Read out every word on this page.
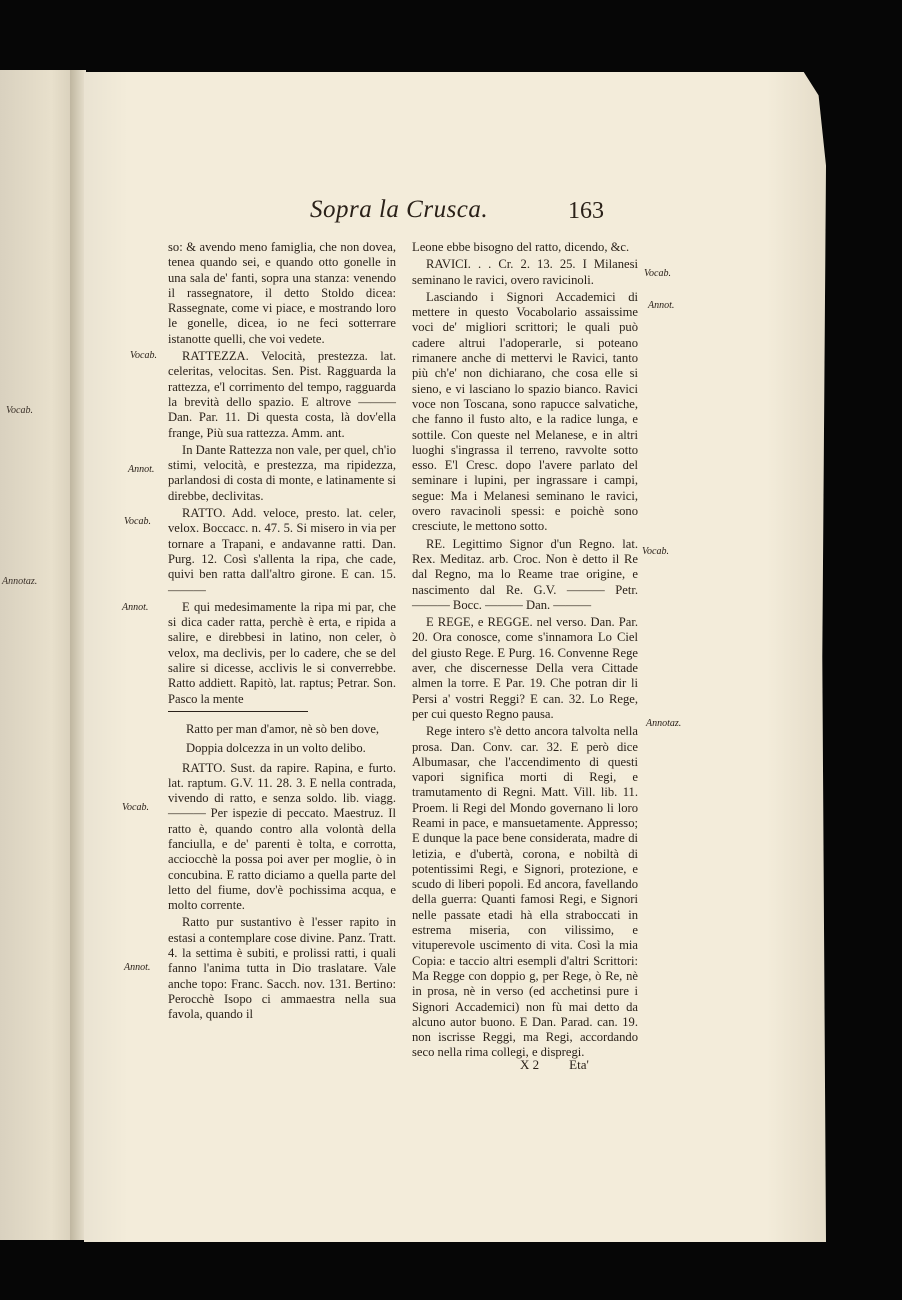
Vocab.
Annotaz.
Sopra la Crusca.	163

so: & avendo meno famiglia, che non dovea, tenea quando sei, e quando otto gonelle in una sala de' fanti, sopra una stanza: venendo il rassegnatore, il detto Stoldo dicea: Rassegnate, come vi piace, e mostrando loro le gonelle, dicea, io ne feci sotterrare istanotte quelli, che voi vedete.

RATTEZZA. Velocità, prestezza. lat. celeritas, velocitas. Sen. Pist. Ragguarda la rattezza, e'l corrimento del tempo, ragguarda la brevità dello spazio. E altrove ——— Dan. Par. 11. Di questa costa, là dov'ella frange, Più sua rattezza. Amm. ant.

In Dante Rattezza non vale, per quel, ch'io stimi, velocità, e prestezza, ma ripidezza, parlandosi di costa di monte, e latinamente si direbbe, declivitas.

RATTO. Add. veloce, presto. lat. celer, velox. Boccacc. n. 47. 5. Si misero in via per tornare a Trapani, e andavanne ratti. Dan. Purg. 12. Così s'allenta la ripa, che cade, quivi ben ratta dall'altro girone. E can. 15. ———

E qui medesimamente la ripa mi par, che si dica cader ratta, perchè è erta, e ripida a salire, e direbbesi in latino, non celer, ò velox, ma declivis, per lo cadere, che se del salire si dicesse, acclivis le si converrebbe. Ratto addiett. Rapitò, lat. raptus; Petrar. Son. Pasco la mente

Ratto per man d'amor, nè sò ben dove,

Doppia dolcezza in un volto delibo.

RATTO. Sust. da rapire. Rapina, e furto. lat. raptum. G.V. 11. 28. 3. E nella contrada, vivendo di ratto, e senza soldo. lib. viagg. ——— Per ispezie di peccato. Maestruz. Il ratto è, quando contro alla volontà della fanciulla, e de' parenti è tolta, e corrotta, acciocchè la possa poi aver per moglie, ò in concubina. E ratto diciamo a quella parte del letto del fiume, dov'è pochissima acqua, e molto corrente.

Ratto pur sustantivo è l'esser rapito in estasi a contemplare cose divine. Panz. Tratt. 4. la settima è subiti, e prolissi ratti, i quali fanno l'anima tutta in Dio traslatare. Vale anche topo: Franc. Sacch. nov. 131. Bertino: Perocchè Isopo ci ammaestra nella sua favola, quando il

Leone ebbe bisogno del ratto, dicendo, &c.

RAVICI. . . Cr. 2. 13. 25. I Milanesi seminano le ravici, overo ravicinoli.

Lasciando i Signori Accademici di mettere in questo Vocabolario assaissime voci de' migliori scrittori; le quali può cadere altrui l'adoperarle, si poteano rimanere anche di mettervi le Ravici, tanto più ch'e' non dichiarano, che cosa elle si sieno, e vi lasciano lo spazio bianco. Ravici voce non Toscana, sono rapucce salvatiche, che fanno il fusto alto, e la radice lunga, e sottile. Con queste nel Melanese, e in altri luoghi s'ingrassa il terreno, ravvolte sotto esso. E'l Cresc. dopo l'avere parlato del seminare i lupini, per ingrassare i campi, segue: Ma i Melanesi seminano le ravici, overo ravacinoli spessi: e poichè sono cresciute, le mettono sotto.

RE. Legittimo Signor d'un Regno. lat. Rex. Meditaz. arb. Croc. Non è detto il Re dal Regno, ma lo Reame trae origine, e nascimento dal Re. G.V. ——— Petr. ——— Bocc. ——— Dan. ———

E REGE, e REGGE. nel verso. Dan. Par. 20. Ora conosce, come s'innamora Lo Ciel del giusto Rege. E Purg. 16. Convenne Rege aver, che discernesse Della vera Cittade almen la torre. E Par. 19. Che potran dir li Persi a' vostri Reggi? E can. 32. Lo Rege, per cui questo Regno pausa.

Rege intero s'è detto ancora talvolta nella prosa. Dan. Conv. car. 32. E però dice Albumasar, che l'accendimento di questi vapori significa morti di Regi, e tramutamento di Regni. Matt. Vill. lib. 11. Proem. li Regi del Mondo governano li loro Reami in pace, e mansuetamente. Appresso; E dunque la pace bene considerata, madre di letizia, e d'ubertà, corona, e nobiltà di potentissimi Regi, e Signori, protezione, e scudo di liberi popoli. Ed ancora, favellando della guerra: Quanti famosi Regi, e Signori nelle passate etadi hà ella straboccati in estrema miseria, con vilissimo, e vituperevole uscimento di vita. Così la mia Copia: e taccio altri esempli d'altri Scrittori: Ma Regge con doppio g, per Rege, ò Re, nè in prosa, nè in verso (ed acchetinsi pure i Signori Accademici) non fù mai detto da alcuno autor buono. E Dan. Parad. can. 19. non iscrisse Reggi, ma Regi, accordando seco nella rima collegi, e dispregi.

Vocab.
Annot.
Vocab.
Annot.
Vocab.
Annot.
Vocab.
Annot.
Vocab.
Annotaz.
X 2 Eta'
